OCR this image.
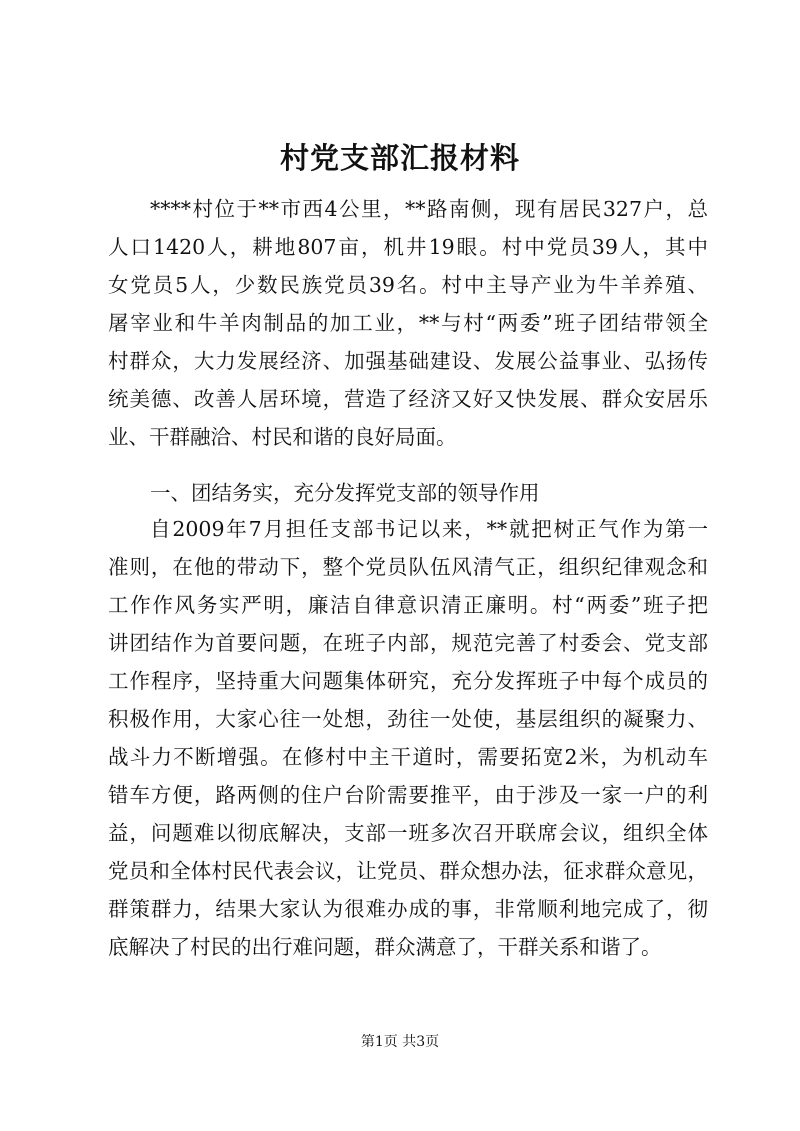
村党支部汇报材料
****村位于**市西4公里，**路南侧，现有居民327户，总
人口1420人，耕地807亩，机井19眼。村中党员39人，其中
女党员5人，少数民族党员39名。村中主导产业为牛羊养殖、
屠宰业和牛羊肉制品的加工业，**与村“两委”班子团结带领全
村群众，大力发展经济、加强基础建设、发展公益事业、弘扬传
统美德、改善人居环境，营造了经济又好又快发展、群众安居乐
业、干群融洽、村民和谐的良好局面。
一、团结务实，充分发挥党支部的领导作用
自2009年7月担任支部书记以来，**就把树正气作为第一
准则，在他的带动下，整个党员队伍风清气正，组织纪律观念和
工作作风务实严明，廉洁自律意识清正廉明。村“两委”班子把
讲团结作为首要问题，在班子内部，规范完善了村委会、党支部
工作程序，坚持重大问题集体研究，充分发挥班子中每个成员的
积极作用，大家心往一处想，劲往一处使，基层组织的凝聚力、
战斗力不断增强。在修村中主干道时，需要拓宽2米，为机动车
错车方便，路两侧的住户台阶需要推平，由于涉及一家一户的利
益，问题难以彻底解决，支部一班多次召开联席会议，组织全体
党员和全体村民代表会议，让党员、群众想办法，征求群众意见，
群策群力，结果大家认为很难办成的事，非常顺利地完成了，彻
底解决了村民的出行难问题，群众满意了，干群关系和谐了。
第1页 共3页
